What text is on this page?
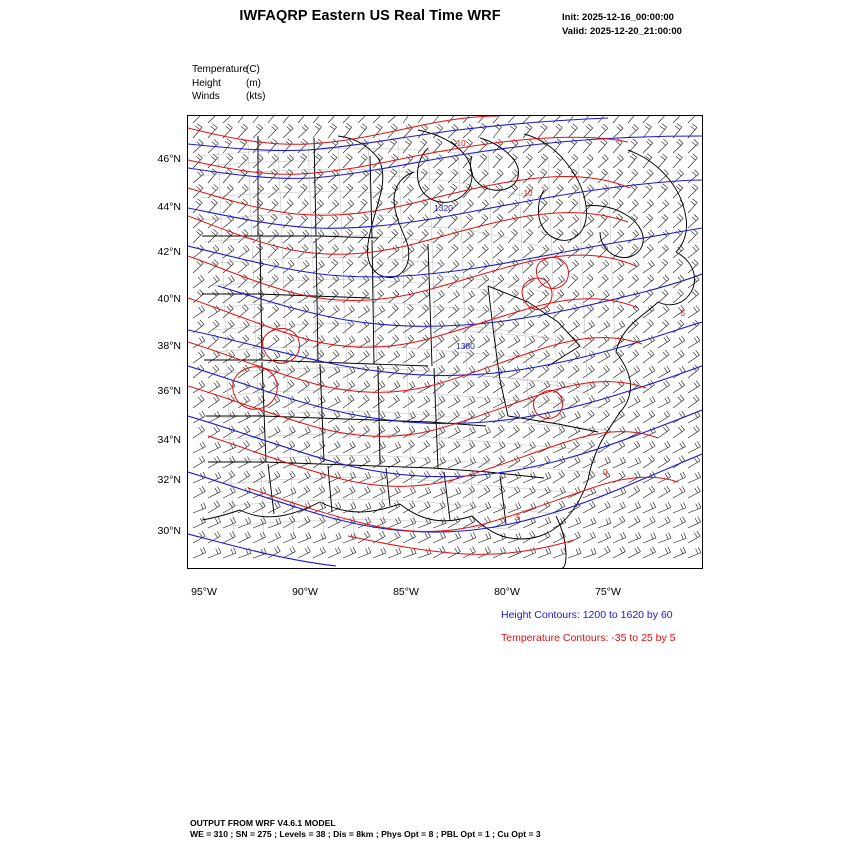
IWFAQRP Eastern US Real Time WRF	Init: 2025-12-16_00:00:00
Valid: 2025-12-20_21:00:00
Temperature(C)
Height	(m)
Winds	(kts)
46°N
44°N
42°N
40°N
38°N
36°N
34°N
32°N
30°N
95°W	90°W	85°W	80°W	75°W
1320
1380
-10
-5
0
5
-10
Height Contours: 1200 to 1620 by 60
Temperature Contours: -35 to 25 by 5
OUTPUT FROM WRF V4.6.1 MODEL
WE = 310 ; SN = 275 ; Levels = 38 ; Dis = 8km ; Phys Opt = 8 ; PBL Opt = 1 ; Cu Opt = 3
